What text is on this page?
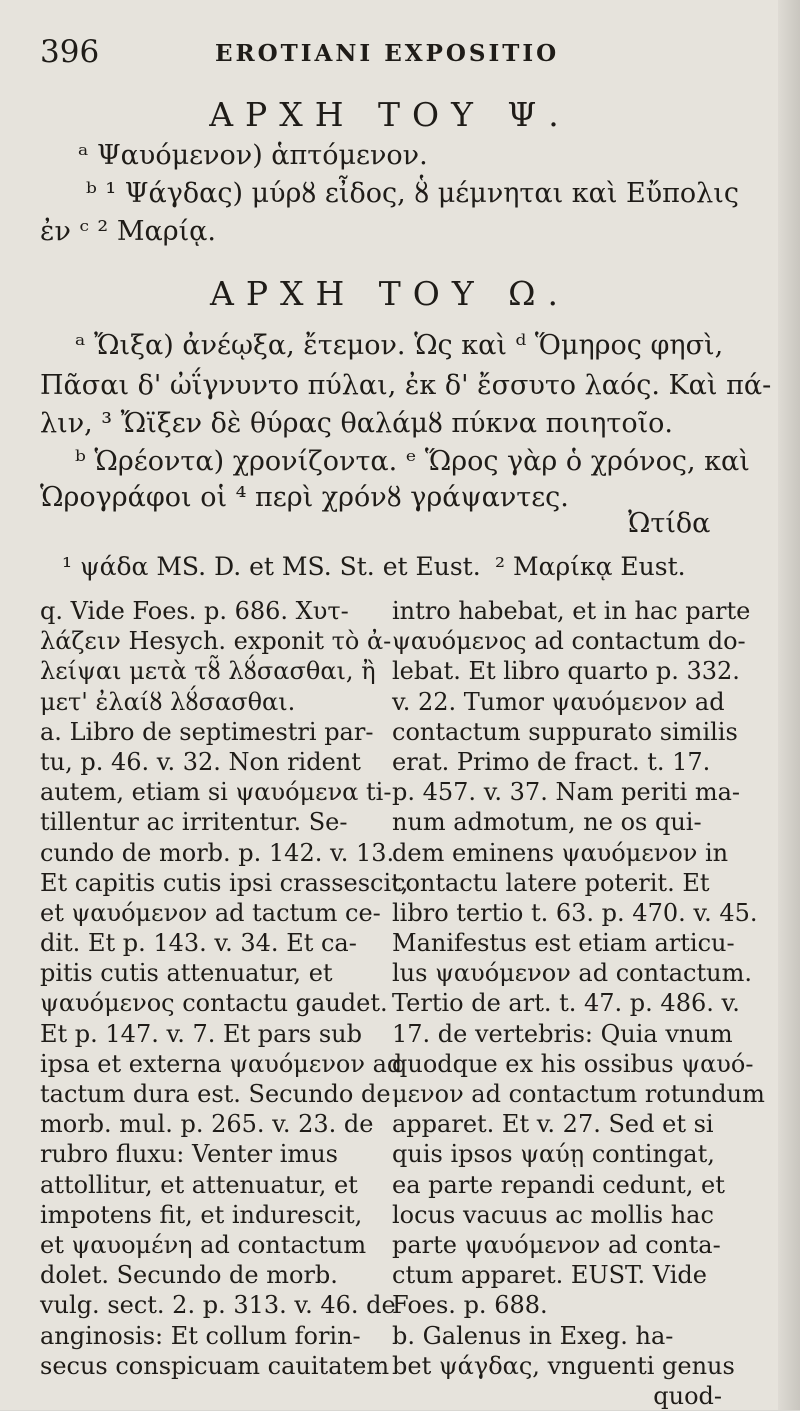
396	EROTIANI EXPOSITIO
ΑΡΧΗ ΤΟΥ Ψ.
ᵃ Ψαυόμενον) ἁπτόμενον.
ᵇ ¹ Ψάγδας) μύρȣ εἶδος, ȣ̔ μέμνηται καὶ Εὔπολις
ἐν ᶜ ² Μαρίᾳ.
ΑΡΧΗ ΤΟΥ Ω.
ᵃ Ὤιξα) ἀνέῳξα, ἔτεμον. Ὡς καὶ ᵈ Ὅμηρος φησὶ,
Πᾶσαι δ' ὠΐγνυντο πύλαι, ἐκ δ' ἔσσυτο λαός. Καὶ πά-
λιν, ³ Ὤϊξεν δὲ θύρας θαλάμȣ πύκνα ποιητοῖο.
ᵇ Ὡρέοντα) χρονίζοντα. ᵉ Ὥρος γὰρ ὁ χρόνος, καὶ
Ὡρογράφοι οἱ ⁴ περὶ χρόνȣ γράψαντες.
Ὠτίδα
¹ ψάδα MS. D. et MS. St. et Eust. ² Μαρίκᾳ Eust.
q. Vide Foes. p. 686. Χυτ-
λάζειν Hesych. exponit τὸ ἀ-
λείψαι μετὰ τȣ̃ λȣ́σασθαι, ἢ
μετ' ἐλαίȣ λȣ́σασθαι.
a. Libro de septimestri par-
tu, p. 46. v. 32. Non rident
autem, etiam si ψαυόμενα ti-
tillentur ac irritentur. Se-
cundo de morb. p. 142. v. 13.
Et capitis cutis ipsi crassescit,
et ψαυόμενον ad tactum ce-
dit. Et p. 143. v. 34. Et ca-
pitis cutis attenuatur, et
ψαυόμενος contactu gaudet.
Et p. 147. v. 7. Et pars sub
ipsa et externa ψαυόμενον ad
tactum dura est. Secundo de
morb. mul. p. 265. v. 23. de
rubro fluxu: Venter imus
attollitur, et attenuatur, et
impotens fit, et indurescit,
et ψαυομένη ad contactum
dolet. Secundo de morb.
vulg. sect. 2. p. 313. v. 46. de
anginosis: Et collum forin-
secus conspicuam cauitatem
intro habebat, et in hac parte
ψαυόμενος ad contactum do-
lebat. Et libro quarto p. 332.
v. 22. Tumor ψαυόμενον ad
contactum suppurato similis
erat. Primo de fract. t. 17.
p. 457. v. 37. Nam periti ma-
num admotum, ne os qui-
dem eminens ψαυόμενον in
contactu latere poterit. Et
libro tertio t. 63. p. 470. v. 45.
Manifestus est etiam articu-
lus ψαυόμενον ad contactum.
Tertio de art. t. 47. p. 486. v.
17. de vertebris: Quia vnum
quodque ex his ossibus ψαυό-
μενον ad contactum rotundum
apparet. Et v. 27. Sed et si
quis ipsos ψαύῃ contingat,
ea parte repandi cedunt, et
locus vacuus ac mollis hac
parte ψαυόμενον ad conta-
ctum apparet. EUST. Vide
Foes. p. 688.
b. Galenus in Exeg. ha-
bet ψάγδας, vnguenti genus
quod-
